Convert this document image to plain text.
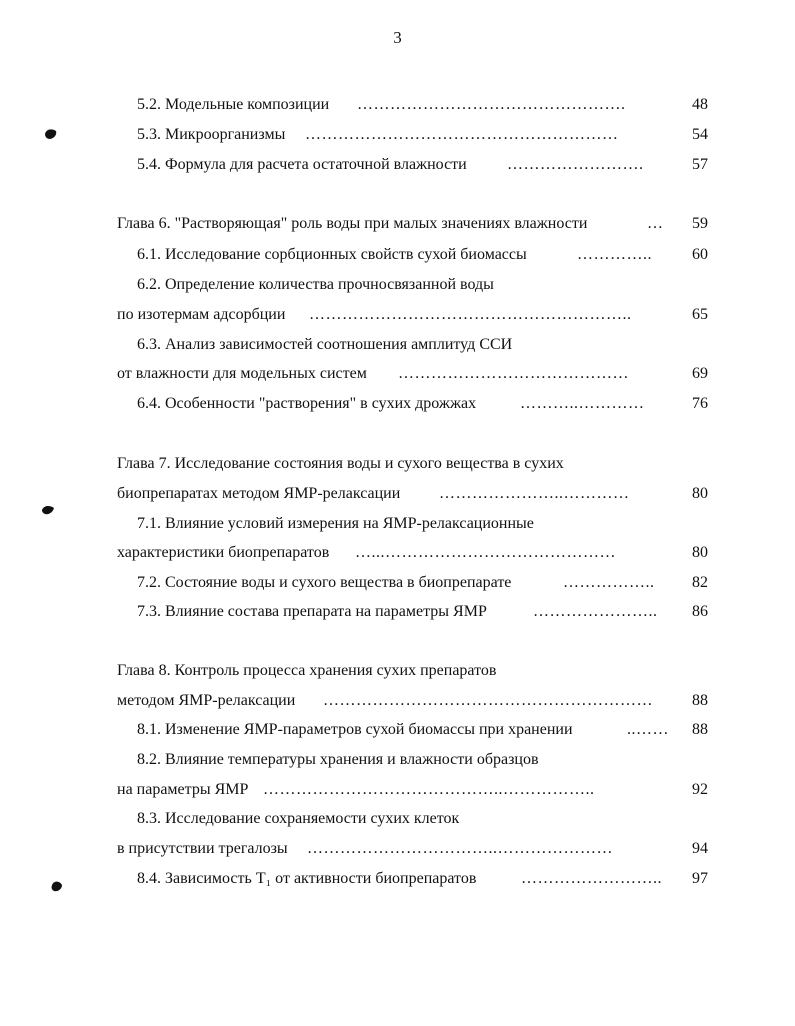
3
5.2. Модельные композиции ………………………………………….	48
5.3. Микроорганизмы …………………………………………………	54
5.4. Формула для расчета остаточной влажности	…………………….	57
Глава 6. "Растворяющая" роль воды при малых значениях влажности	…	59
6.1. Исследование сорбционных свойств сухой биомассы	…………..	60
6.2. Определение количества прочносвязанной воды
по изотермам адсорбции …………………………………………………..	65
6.3. Анализ зависимостей соотношения амплитуд ССИ
от влажности для модельных систем ……………………………………	69
6.4. Особенности "растворения" в сухих дрожжах	………..…………	76
Глава 7. Исследование состояния воды и сухого вещества в сухих
биопрепаратах методом ЯМР-релаксации …………………..…………	80
7.1. Влияние условий измерения на ЯМР-релаксационные
характеристики биопрепаратов …...……………………………………	80
7.2. Состояние воды и сухого вещества в биопрепарате	……………..	82
7.3. Влияние состава препарата на параметры ЯМР	…………………..	86
Глава 8. Контроль процесса хранения сухих препаратов
методом ЯМР-релаксации ……………………………………………………	88
8.1. Изменение ЯМР-параметров сухой биомассы при хранении	..……	88
8.2. Влияние температуры хранения и влажности образцов
на параметры ЯМР ……………………………………..……………..	92
8.3. Исследование сохраняемости сухих клеток
в присутствии трегалозы ……………………………..…………………	94
8.4. Зависимость T₁ от активности биопрепаратов	……………………..	97
